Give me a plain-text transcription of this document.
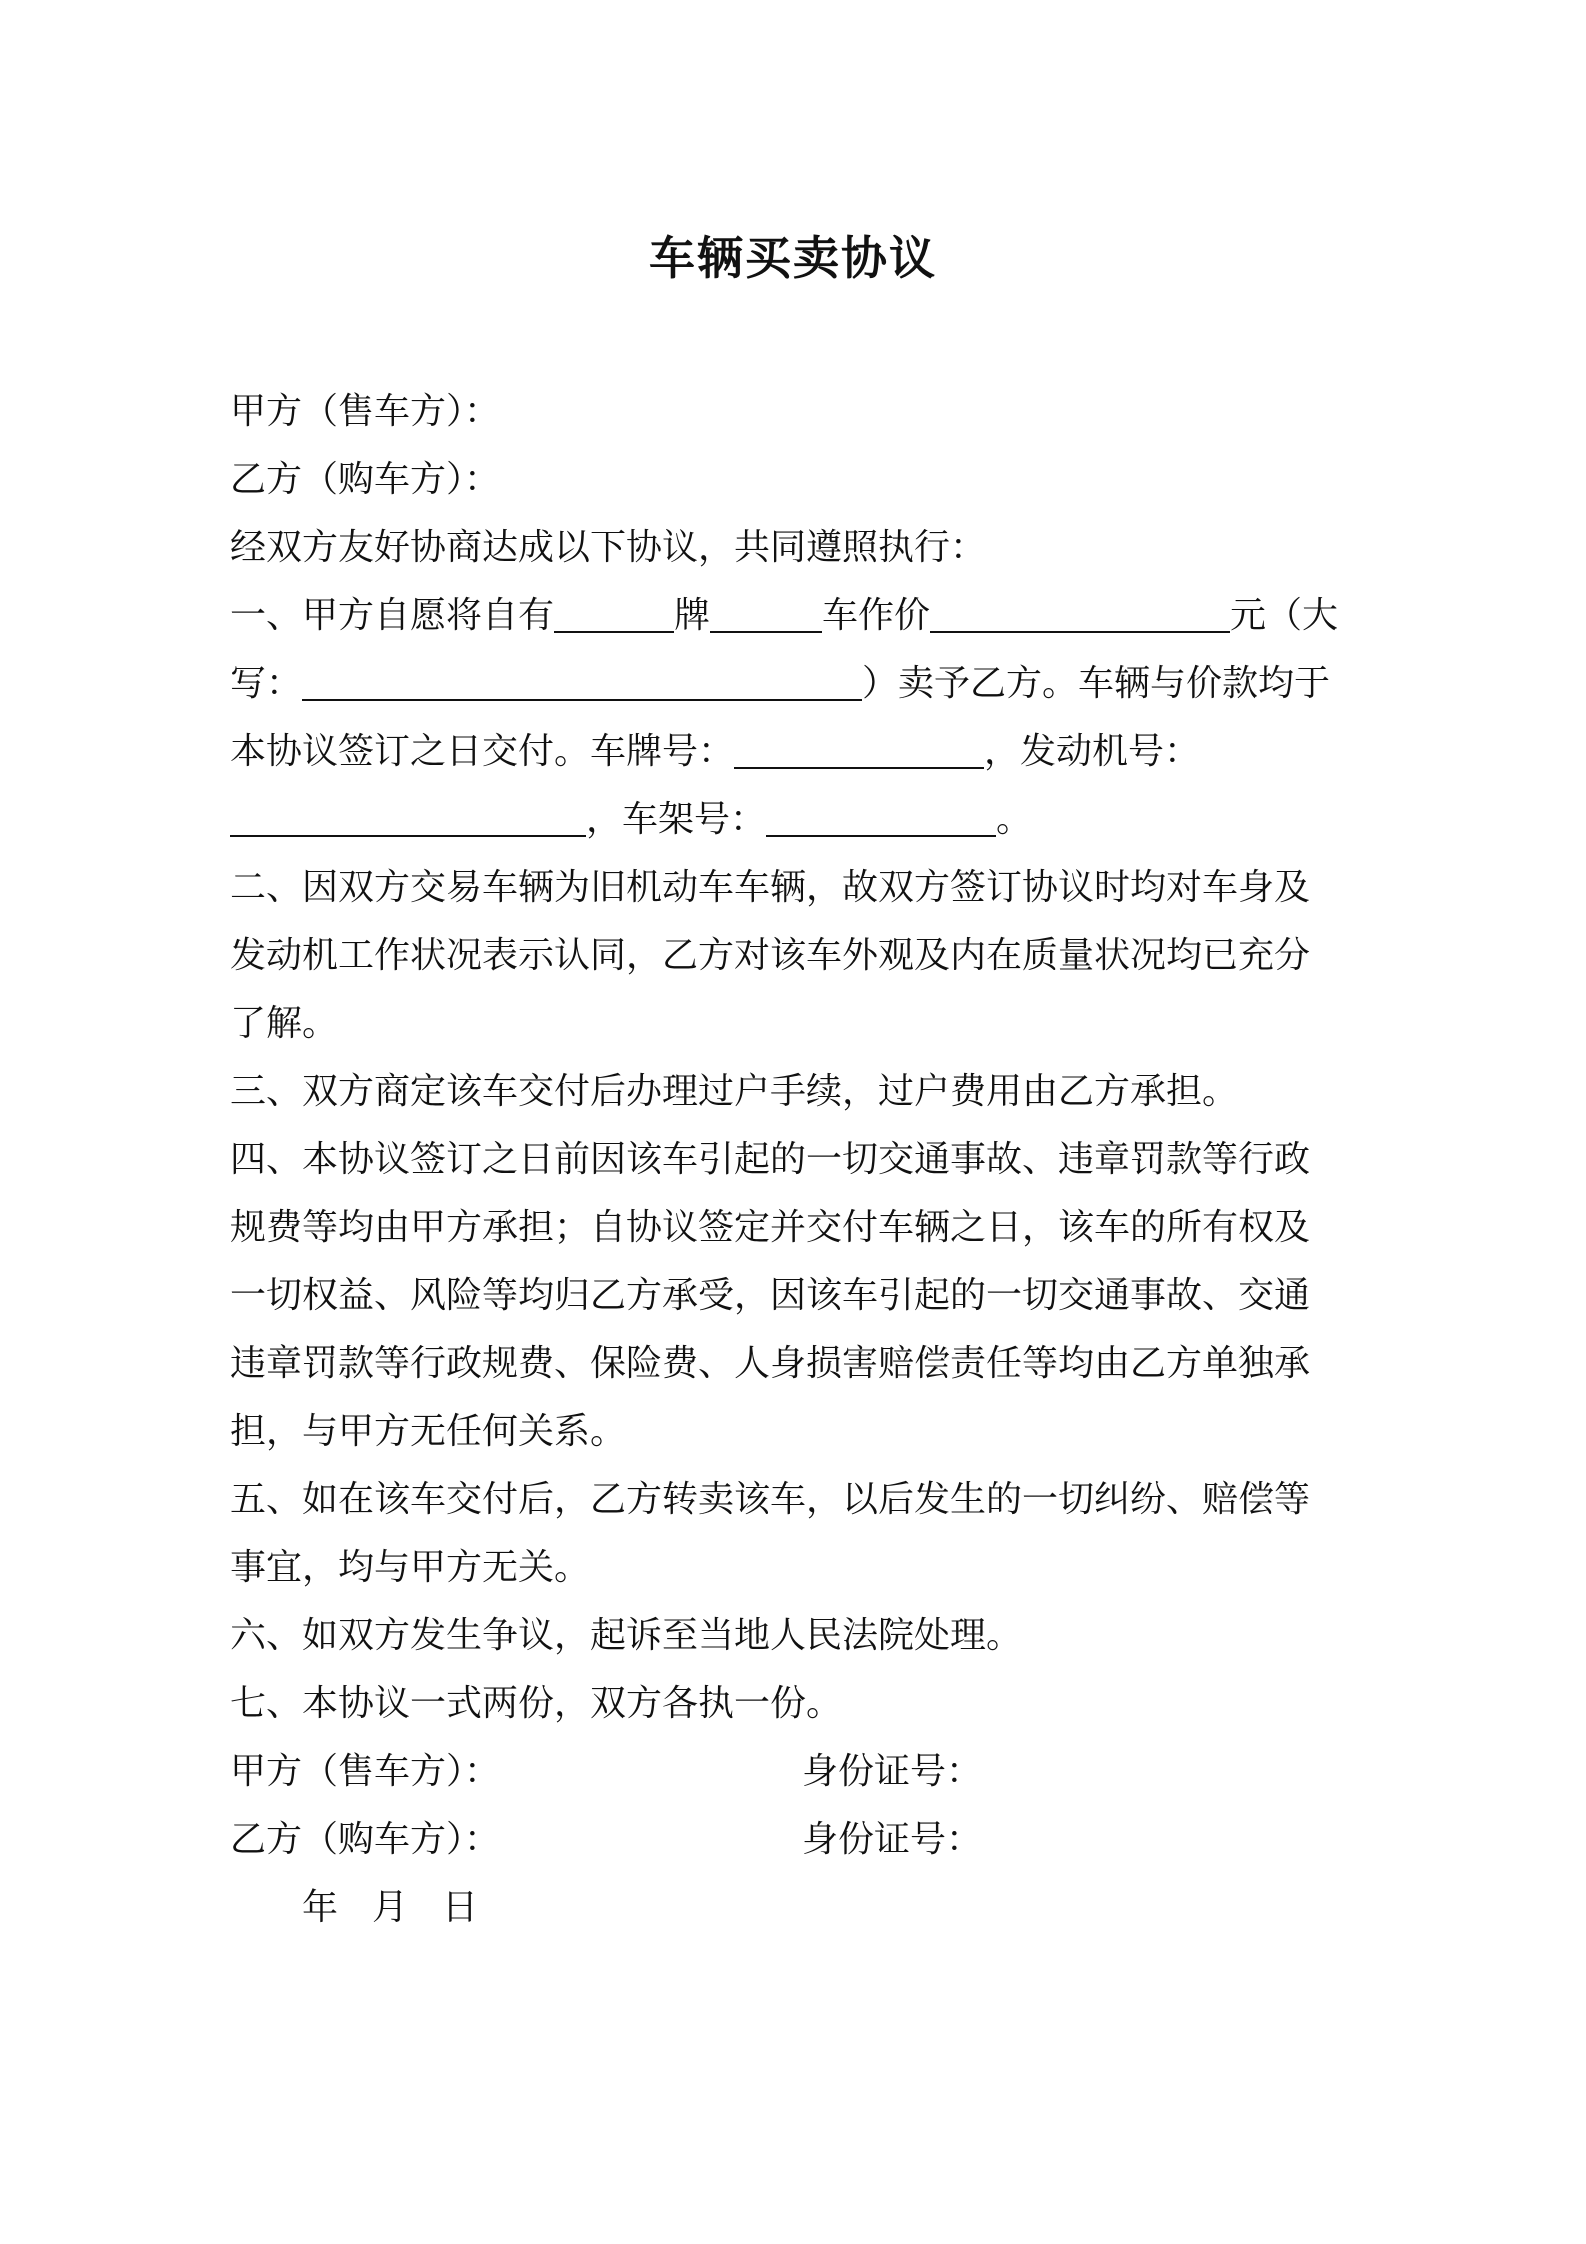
车辆买卖协议
甲方（售车方）：
乙方（购车方）：
经双方友好协商达成以下协议，共同遵照执行：
一、甲方自愿将自有	牌	车作价	元（大
写：	）卖予乙方。车辆与价款均于
本协议签订之日交付。车牌号：	，发动机号：
，车架号：	。
二、因双方交易车辆为旧机动车车辆，故双方签订协议时均对车身及
发动机工作状况表示认同，乙方对该车外观及内在质量状况均已充分
了解。
三、双方商定该车交付后办理过户手续，过户费用由乙方承担。
四、本协议签订之日前因该车引起的一切交通事故、违章罚款等行政
规费等均由甲方承担；自协议签定并交付车辆之日，该车的所有权及
一切权益、风险等均归乙方承受，因该车引起的一切交通事故、交通
违章罚款等行政规费、保险费、人身损害赔偿责任等均由乙方单独承
担，与甲方无任何关系。
五、如在该车交付后，乙方转卖该车，以后发生的一切纠纷、赔偿等
事宜，均与甲方无关。
六、如双方发生争议，起诉至当地人民法院处理。
七、本协议一式两份，双方各执一份。
甲方（售车方）：	身份证号：
乙方（购车方）：	身份证号：
年 月 日
